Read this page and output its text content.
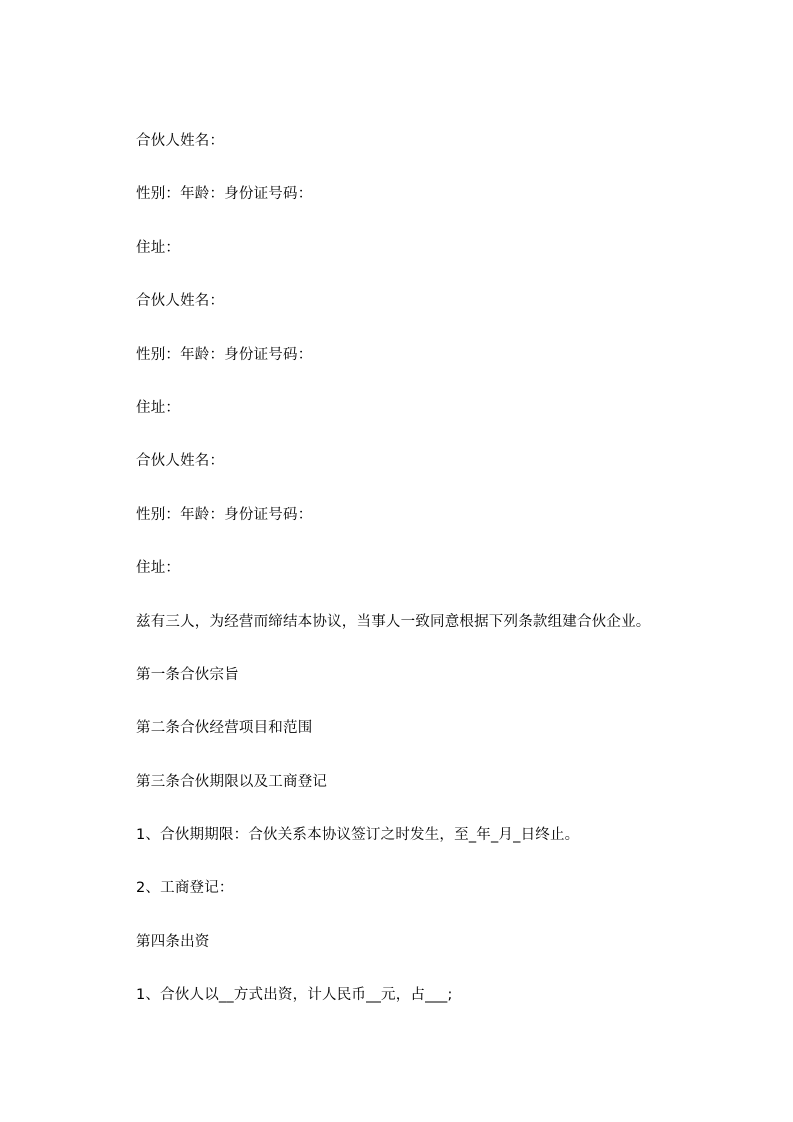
合伙人姓名：
性别：年龄：身份证号码：
住址：
合伙人姓名：
性别：年龄：身份证号码：
住址：
合伙人姓名：
性别：年龄：身份证号码：
住址：
兹有三人，为经营而缔结本协议，当事人一致同意根据下列条款组建合伙企业。
第一条合伙宗旨
第二条合伙经营项目和范围
第三条合伙期限以及工商登记
1、合伙期期限：合伙关系本协议签订之时发生，至_年_月_日终止。
2、工商登记：
第四条出资
1、合伙人以__方式出资，计人民币__元，占___;
